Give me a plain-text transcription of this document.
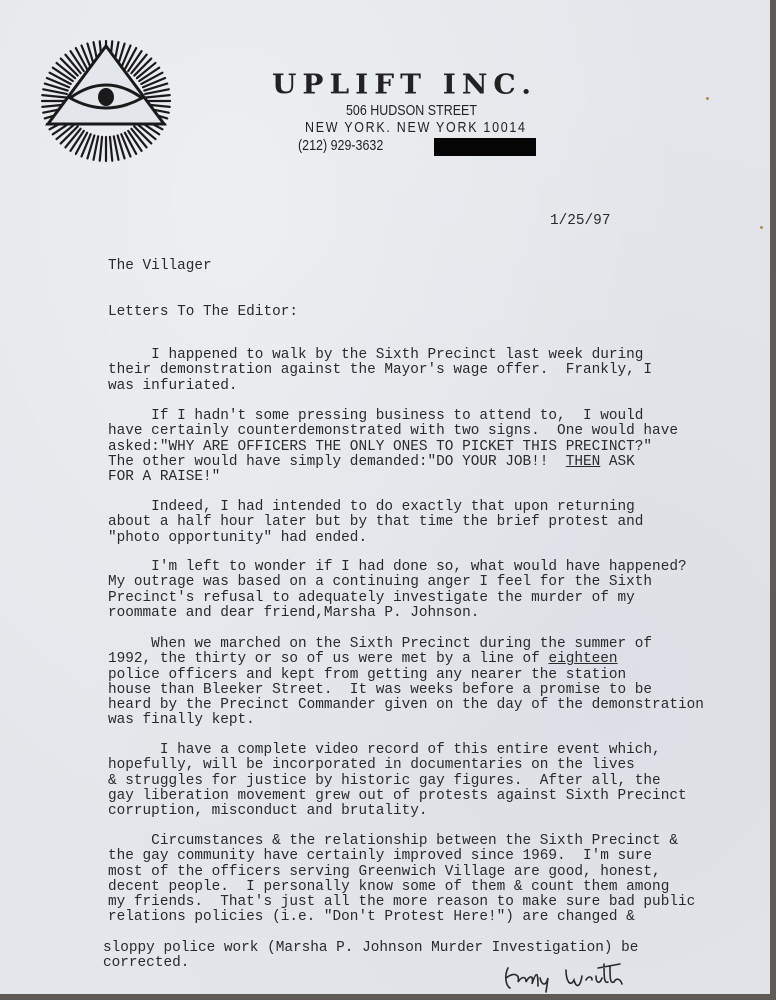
UPLIFT INC.
506 HUDSON STREET
NEW YORK. NEW YORK 10014
(212) 929-3632
1/25/97
The Villager
Letters To The Editor:
I happened to walk by the Sixth Precinct last week during
their demonstration against the Mayor's wage offer.  Frankly, I
was infuriated.
If I hadn't some pressing business to attend to,  I would
have certainly counterdemonstrated with two signs.  One would have
asked:"WHY ARE OFFICERS THE ONLY ONES TO PICKET THIS PRECINCT?"
The other would have simply demanded:"DO YOUR JOB!!  THEN ASK
FOR A RAISE!"
Indeed, I had intended to do exactly that upon returning
about a half hour later but by that time the brief protest and
"photo opportunity" had ended.
I'm left to wonder if I had done so, what would have happened?
My outrage was based on a continuing anger I feel for the Sixth
Precinct's refusal to adequately investigate the murder of my
roommate and dear friend,Marsha P. Johnson.
When we marched on the Sixth Precinct during the summer of
1992, the thirty or so of us were met by a line of eighteen
police officers and kept from getting any nearer the station
house than Bleeker Street.  It was weeks before a promise to be
heard by the Precinct Commander given on the day of the demonstration
was finally kept.
I have a complete video record of this entire event which,
hopefully, will be incorporated in documentaries on the lives
& struggles for justice by historic gay figures.  After all, the
gay liberation movement grew out of protests against Sixth Precinct
corruption, misconduct and brutality.
Circumstances & the relationship between the Sixth Precinct &
the gay community have certainly improved since 1969.  I'm sure
most of the officers serving Greenwich Village are good, honest,
decent people.  I personally know some of them & count them among
my friends.  That's just all the more reason to make sure bad public
relations policies (i.e. "Don't Protest Here!") are changed &
sloppy police work (Marsha P. Johnson Murder Investigation) be
corrected.
